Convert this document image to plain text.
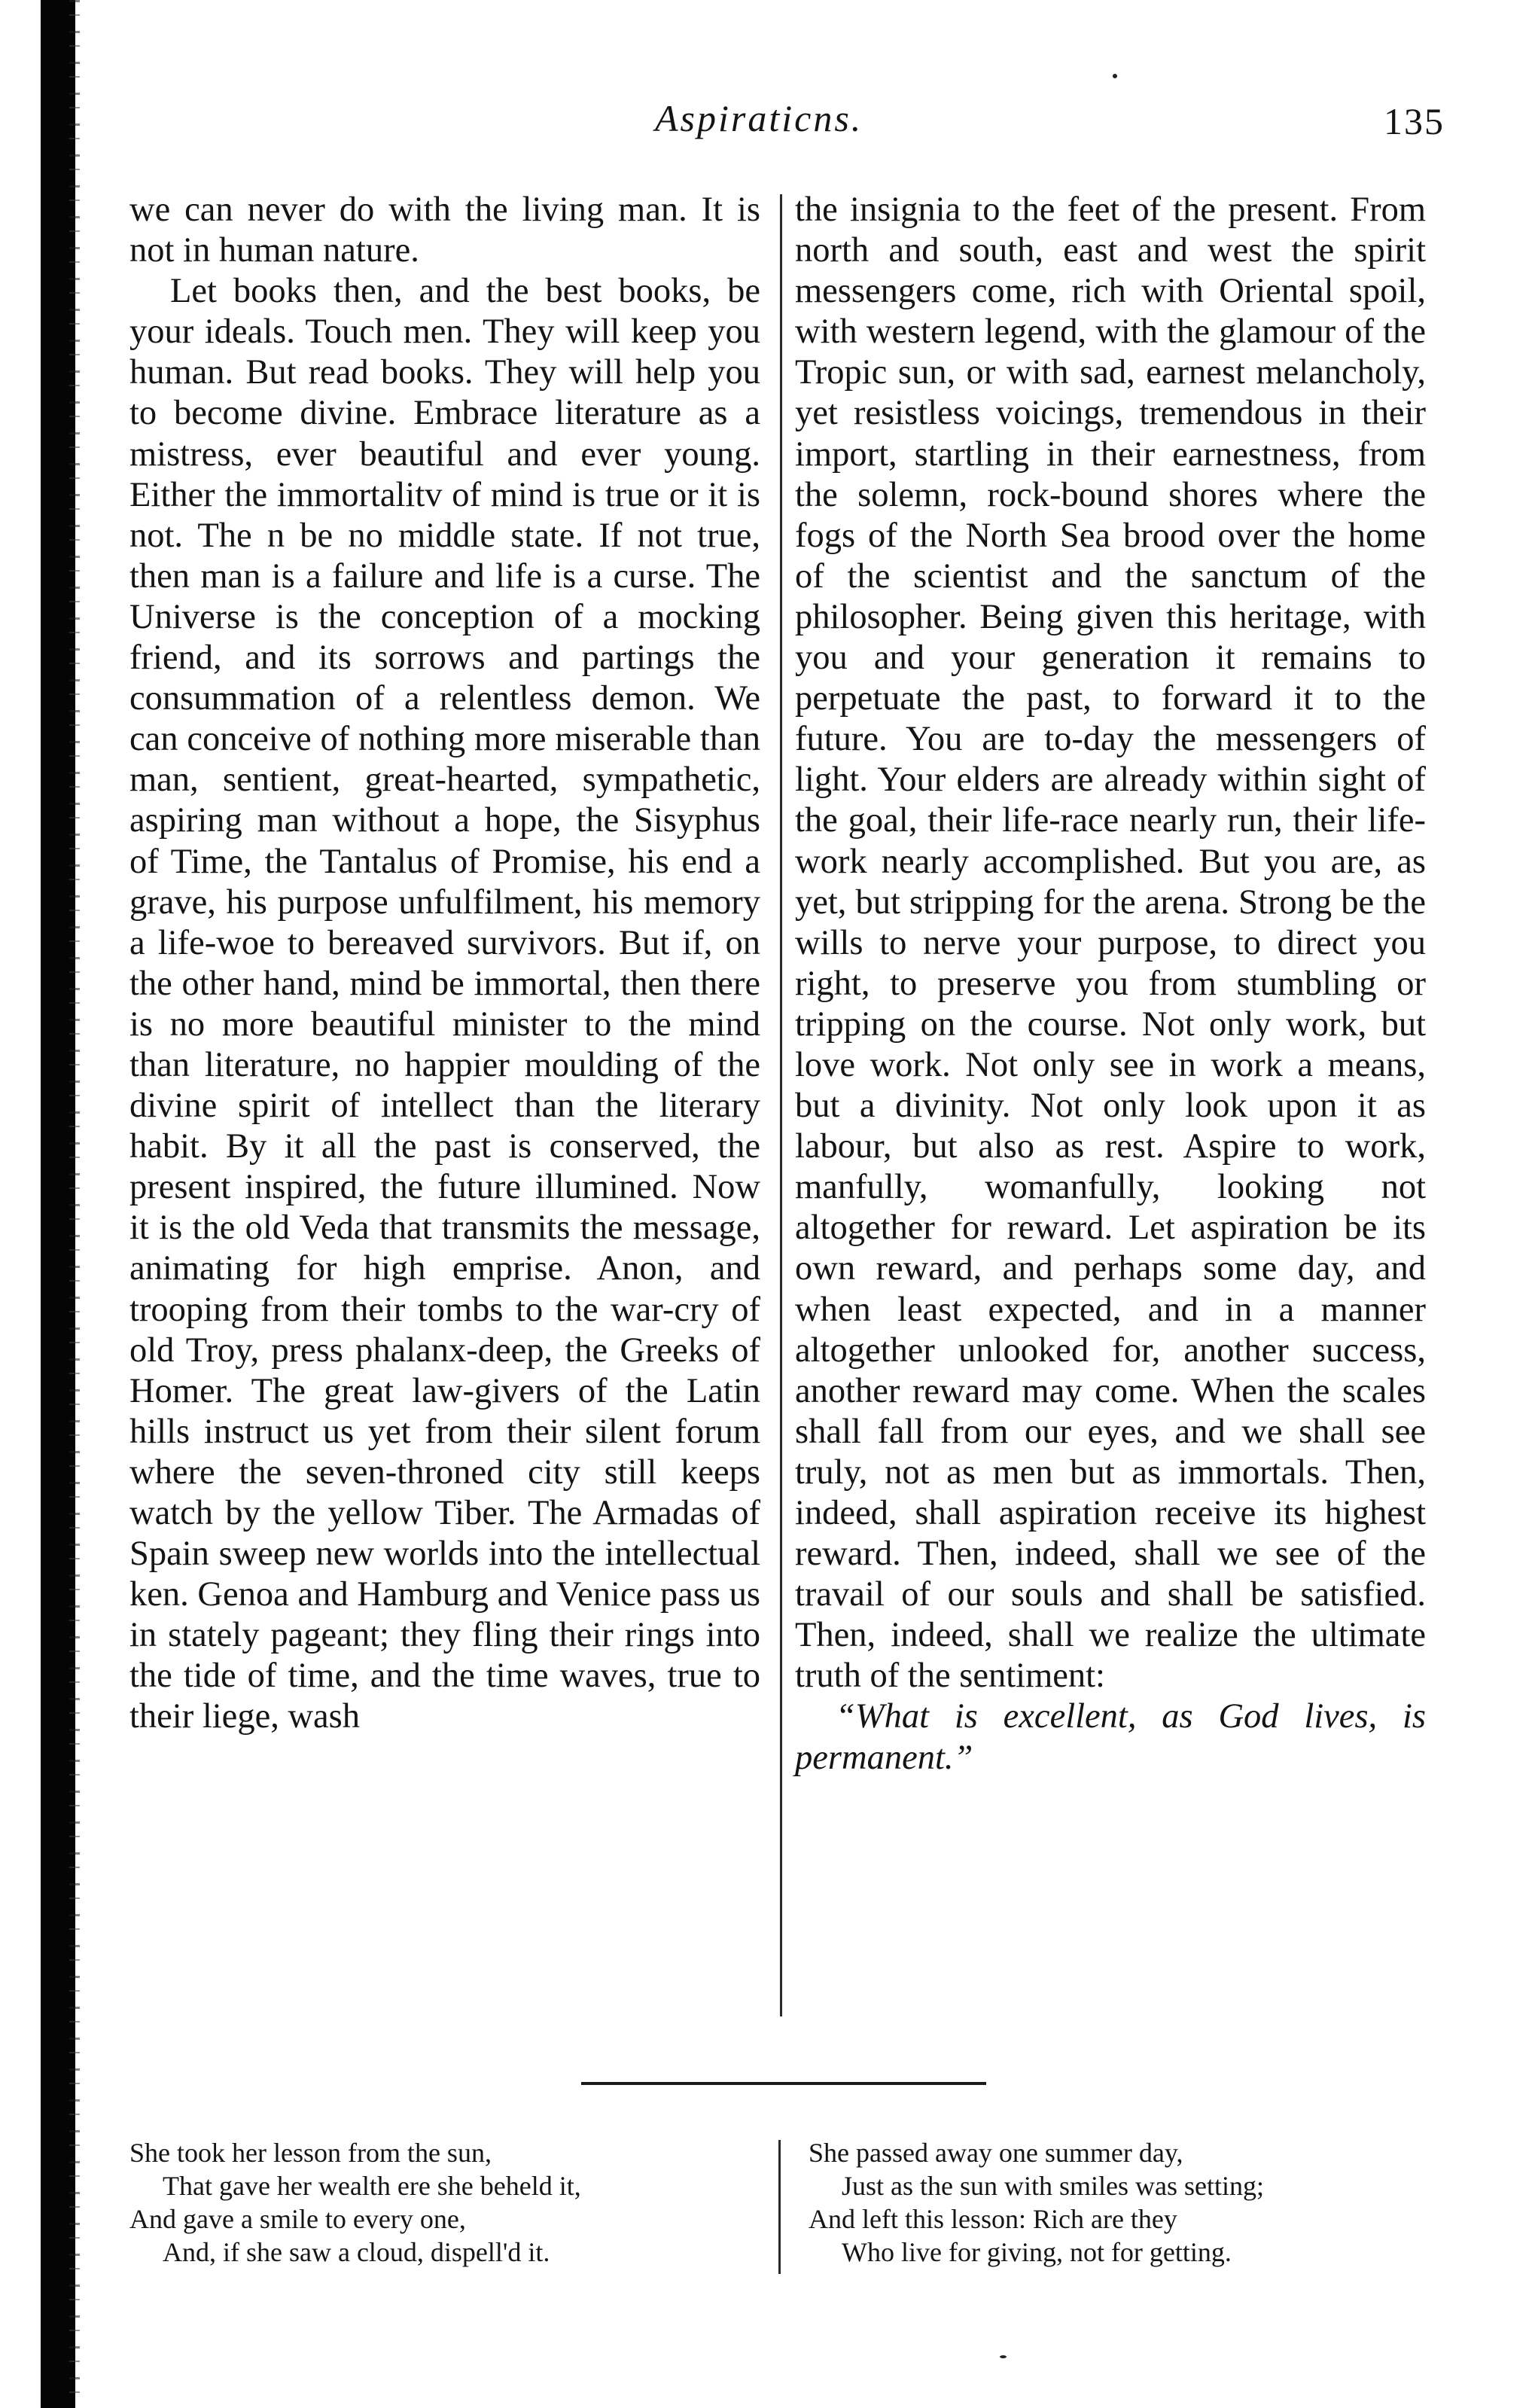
Aspiraticns.	135

we can never do with the living man. It is not in human nature.

Let books then, and the best books, be your ideals. Touch men. They will keep you human. But read books. They will help you to become divine. Embrace literature as a mistress, ever beautiful and ever young. Either the immortalitv of mind is true or it is not. The n be no middle state. If not true, then man is a failure and life is a curse. The Universe is the conception of a mocking friend, and its sorrows and partings the consummation of a relentless demon. We can conceive of nothing more miserable than man, sentient, great-hearted, sympathetic, aspiring man without a hope, the Sisyphus of Time, the Tantalus of Promise, his end a grave, his purpose unfulfilment, his memory a life-woe to bereaved survivors. But if, on the other hand, mind be immortal, then there is no more beautiful minister to the mind than literature, no happier moulding of the divine spirit of intellect than the literary habit. By it all the past is conserved, the present inspired, the future illumined. Now it is the old Veda that transmits the message, animating for high emprise. Anon, and trooping from their tombs to the war-cry of old Troy, press phalanx-deep, the Greeks of Homer. The great law-givers of the Latin hills instruct us yet from their silent forum where the seven-throned city still keeps watch by the yellow Tiber. The Armadas of Spain sweep new worlds into the intellectual ken. Genoa and Hamburg and Venice pass us in stately pageant; they fling their rings into the tide of time, and the time waves, true to their liege, wash

the insignia to the feet of the present. From north and south, east and west the spirit messengers come, rich with Oriental spoil, with western legend, with the glamour of the Tropic sun, or with sad, earnest melancholy, yet resistless voicings, tremendous in their import, startling in their earnestness, from the solemn, rock-bound shores where the fogs of the North Sea brood over the home of the scientist and the sanctum of the philosopher. Being given this heritage, with you and your generation it remains to perpetuate the past, to forward it to the future. You are to-day the messengers of light. Your elders are already within sight of the goal, their life-race nearly run, their life-work nearly accomplished. But you are, as yet, but stripping for the arena. Strong be the wills to nerve your purpose, to direct you right, to preserve you from stumbling or tripping on the course. Not only work, but love work. Not only see in work a means, but a divinity. Not only look upon it as labour, but also as rest. Aspire to work, manfully, womanfully, looking not altogether for reward. Let aspiration be its own reward, and perhaps some day, and when least expected, and in a manner altogether unlooked for, another success, another reward may come. When the scales shall fall from our eyes, and we shall see truly, not as men but as immortals. Then, indeed, shall aspiration receive its highest reward. Then, indeed, shall we see of the travail of our souls and shall be satisfied. Then, indeed, shall we realize the ultimate truth of the sentiment:

“What is excellent, as God lives, is permanent.”

She took her lesson from the sun,
That gave her wealth ere she beheld it,
And gave a smile to every one,
And, if she saw a cloud, dispell'd it.
She passed away one summer day,
Just as the sun with smiles was setting;
And left this lesson: Rich are they
Who live for giving, not for getting.
